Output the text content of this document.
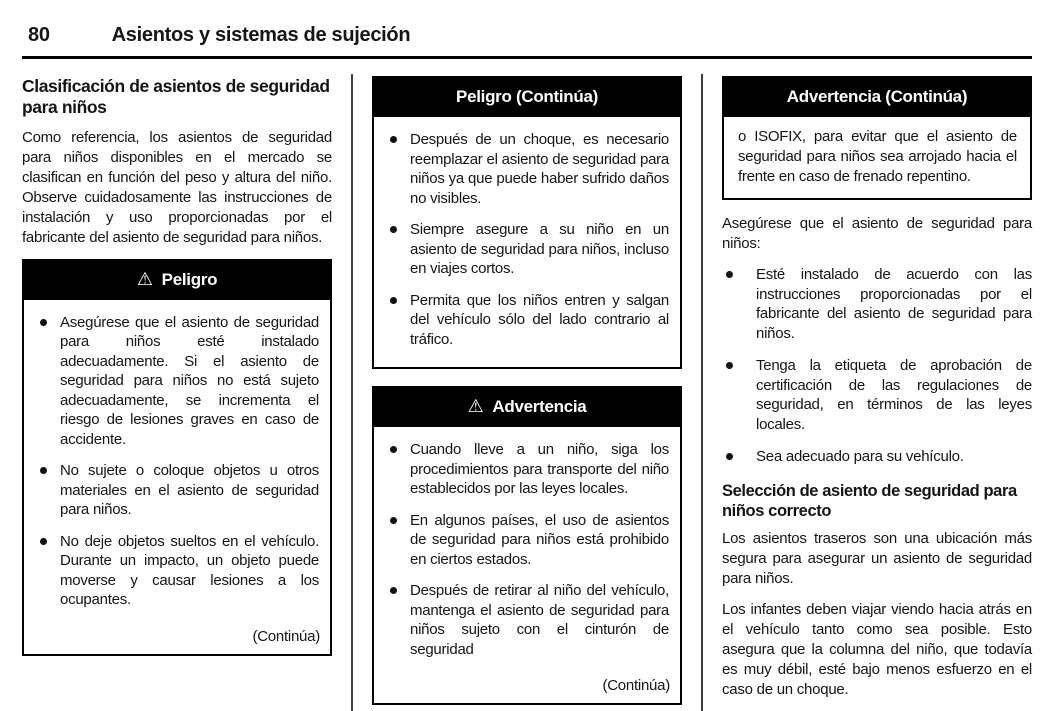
80	Asientos y sistemas de sujeción
Clasificación de asientos de seguridad para niños

Como referencia, los asientos de seguridad para niños disponibles en el mercado se clasifican en función del peso y altura del niño. Observe cuidadosamente las instrucciones de instalación y uso proporcionadas por el fabricante del asiento de seguridad para niños.

⚠ Peligro
Asegúrese que el asiento de seguridad para niños esté instalado adecuadamente. Si el asiento de seguridad para niños no está sujeto adecuadamente, se incrementa el riesgo de lesiones graves en caso de accidente.
No sujete o coloque objetos u otros materiales en el asiento de seguridad para niños.
No deje objetos sueltos en el vehículo. Durante un impacto, un objeto puede moverse y causar lesiones a los ocupantes.
(Continúa)
Peligro (Continúa)
Después de un choque, es necesario reemplazar el asiento de seguridad para niños ya que puede haber sufrido daños no visibles.
Siempre asegure a su niño en un asiento de seguridad para niños, incluso en viajes cortos.
Permita que los niños entren y salgan del vehículo sólo del lado contrario al tráfico.
⚠ Advertencia
Cuando lleve a un niño, siga los procedimientos para transporte del niño establecidos por las leyes locales.
En algunos países, el uso de asientos de seguridad para niños está prohibido en ciertos estados.
Después de retirar al niño del vehículo, mantenga el asiento de seguridad para niños sujeto con el cinturón de seguridad
(Continúa)
Advertencia (Continúa)
o ISOFIX, para evitar que el asiento de seguridad para niños sea arrojado hacia el frente en caso de frenado repentino.

Asegúrese que el asiento de seguridad para niños:

Esté instalado de acuerdo con las instrucciones proporcionadas por el fabricante del asiento de seguridad para niños.
Tenga la etiqueta de aprobación de certificación de las regulaciones de seguridad, en términos de las leyes locales.
Sea adecuado para su vehículo.
Selección de asiento de seguridad para niños correcto

Los asientos traseros son una ubicación más segura para asegurar un asiento de seguridad para niños.

Los infantes deben viajar viendo hacia atrás en el vehículo tanto como sea posible. Esto asegura que la columna del niño, que todavía es muy débil, esté bajo menos esfuerzo en el caso de un choque.
